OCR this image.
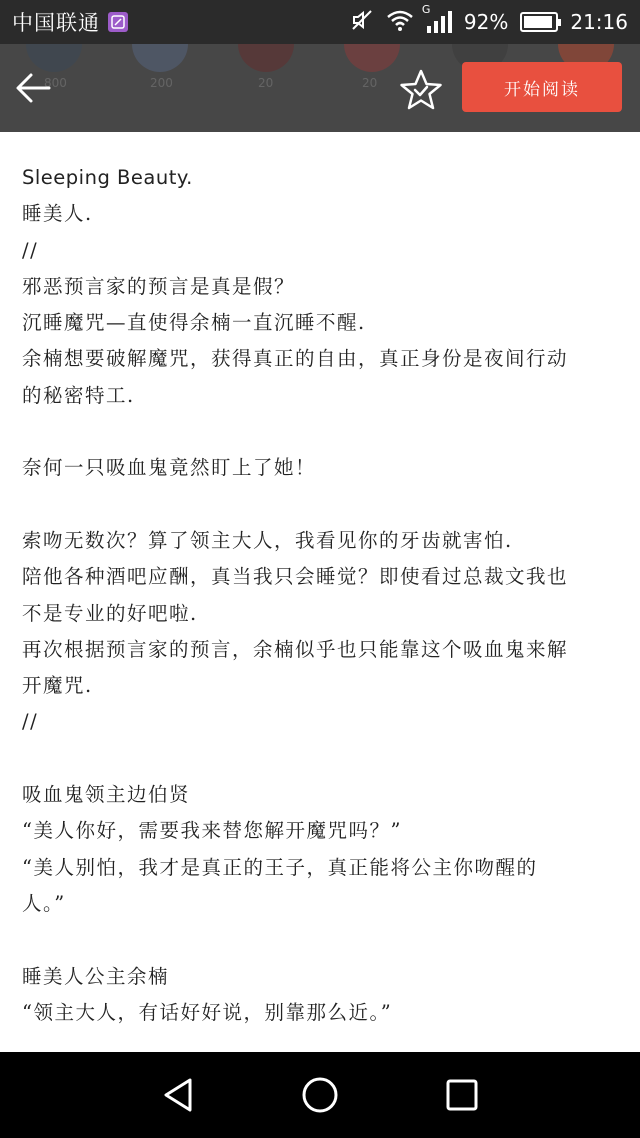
中国联通
G
92%	21:16
开始阅读
Sleeping Beauty.
睡美人.
//
邪恶预言家的预言是真是假？
沉睡魔咒—直使得余楠一直沉睡不醒.
余楠想要破解魔咒，获得真正的自由，真正身份是夜间行动
的秘密特工.
奈何一只吸血鬼竟然盯上了她！
索吻无数次？算了领主大人，我看见你的牙齿就害怕.
陪他各种酒吧应酬，真当我只会睡觉？即使看过总裁文我也
不是专业的好吧啦.
再次根据预言家的预言，余楠似乎也只能靠这个吸血鬼来解
开魔咒.
//
吸血鬼领主边伯贤
“美人你好，需要我来替您解开魔咒吗？”
“美人别怕，我才是真正的王子，真正能将公主你吻醒的
人。”
睡美人公主余楠
“领主大人，有话好好说，别靠那么近。”
